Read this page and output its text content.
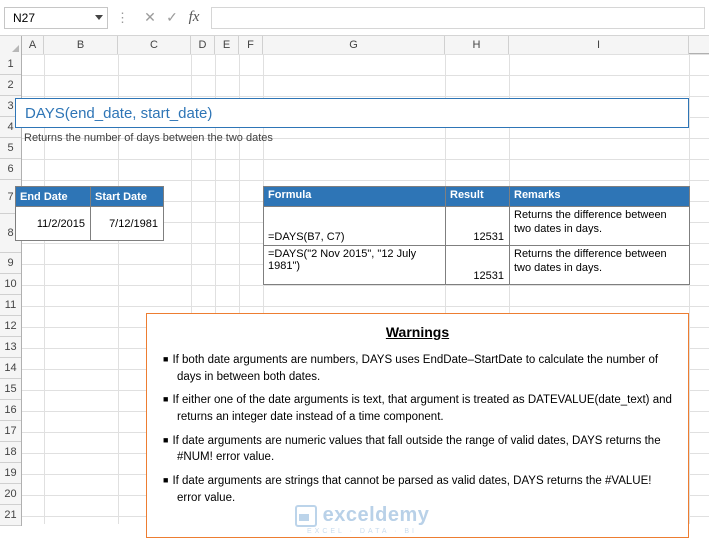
N27	⋮	✕ ✓ fx
A	B	C	D	E	F	G	H	I
1
2
3
4
5
6
7
8
9
10
11
12
13
14
15
16
17
18
19
20
21
DAYS(end_date, start_date)
Returns the number of days between the two dates
End Date	Start Date
11/2/2015	7/12/1981
Formula	Result	Remarks
=DAYS(B7, C7)	12531	Returns the difference between two dates in days.
=DAYS("2 Nov 2015", "12 July 1981")	12531	Returns the difference between two dates in days.
Warnings
■ If both date arguments are numbers, DAYS uses EndDate–StartDate to calculate the number of days in between both dates.
■ If either one of the date arguments is text, that argument is treated as DATEVALUE(date_text) and returns an integer date instead of a time component.
■ If date arguments are numeric values that fall outside the range of valid dates, DAYS returns the #NUM! error value.
■ If date arguments are strings that cannot be parsed as valid dates, DAYS returns the #VALUE! error value.
exceldemy
EXCEL · DATA · BI
